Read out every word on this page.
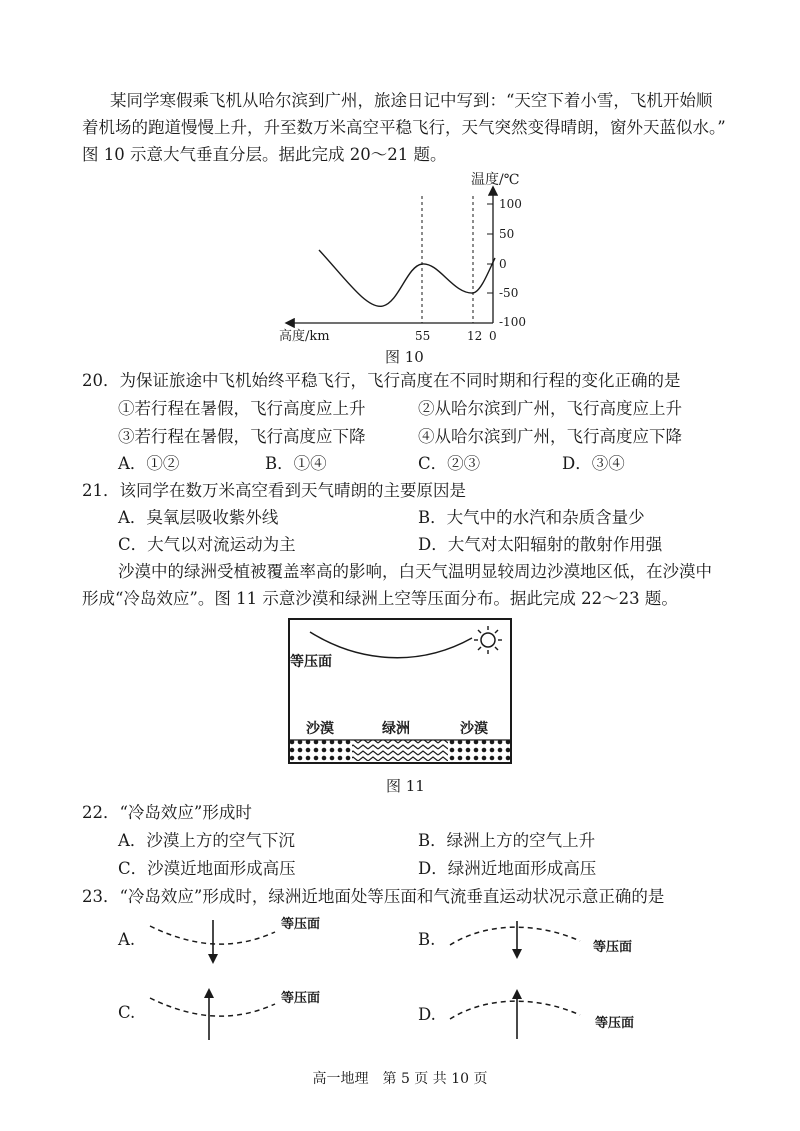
某同学寒假乘飞机从哈尔滨到广州，旅途日记中写到：“天空下着小雪，飞机开始顺
着机场的跑道慢慢上升，升至数万米高空平稳飞行，天气突然变得晴朗，窗外天蓝似水。”
图 10 示意大气垂直分层。据此完成 20～21 题。
100
50
0
-50
-100
温度/℃
高度/km	55	12 0
图 10
20．为保证旅途中飞机始终平稳飞行，飞行高度在不同时期和行程的变化正确的是
①若行程在暑假，飞行高度应上升	②从哈尔滨到广州，飞行高度应上升
③若行程在暑假，飞行高度应下降	④从哈尔滨到广州，飞行高度应下降
A．①②	B．①④	C．②③	D．③④
21．该同学在数万米高空看到天气晴朗的主要原因是
A．臭氧层吸收紫外线	B．大气中的水汽和杂质含量少
C．大气以对流运动为主	D．大气对太阳辐射的散射作用强
沙漠中的绿洲受植被覆盖率高的影响，白天气温明显较周边沙漠地区低，在沙漠中
形成“冷岛效应”。图 11 示意沙漠和绿洲上空等压面分布。据此完成 22～23 题。
等压面
沙漠	绿洲	沙漠
图 11
22．“冷岛效应”形成时
A．沙漠上方的空气下沉	B．绿洲上方的空气上升
C．沙漠近地面形成高压	D．绿洲近地面形成高压
23．“冷岛效应”形成时，绿洲近地面处等压面和气流垂直运动状况示意正确的是
A.
等压面
B.	等压面
C.
等压面
D.	等压面
高一地理　第 5 页 共 10 页
